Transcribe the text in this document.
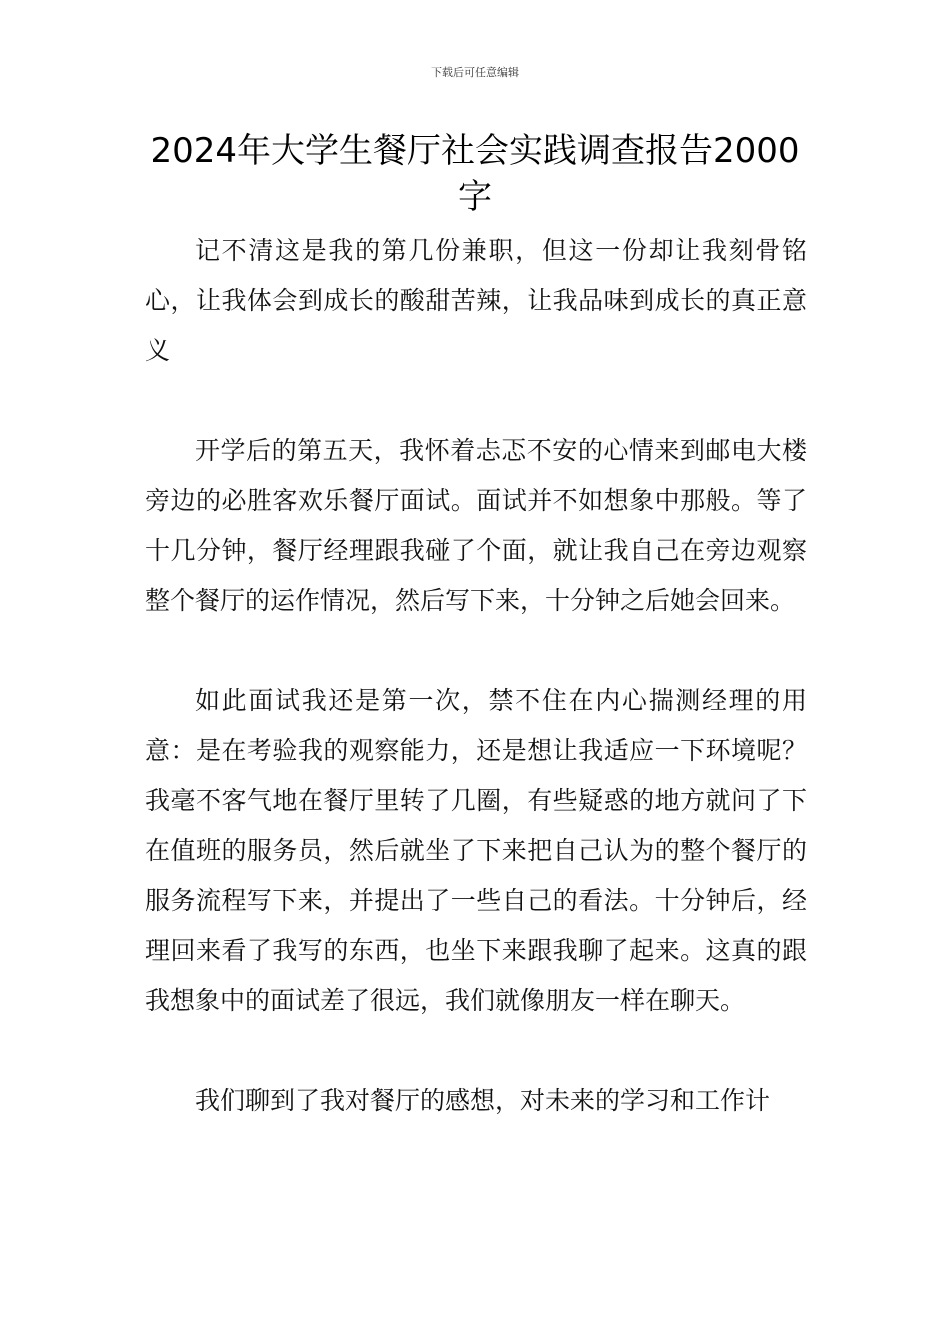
下载后可任意编辑
2024年大学生餐厅社会实践调查报告2000字

记不清这是我的第几份兼职，但这一份却让我刻骨铭心，让我体会到成长的酸甜苦辣，让我品味到成长的真正意义

开学后的第五天，我怀着忐忑不安的心情来到邮电大楼旁边的必胜客欢乐餐厅面试。面试并不如想象中那般。等了十几分钟，餐厅经理跟我碰了个面，就让我自己在旁边观察整个餐厅的运作情况，然后写下来，十分钟之后她会回来。

如此面试我还是第一次，禁不住在内心揣测经理的用意：是在考验我的观察能力，还是想让我适应一下环境呢？我毫不客气地在餐厅里转了几圈，有些疑惑的地方就问了下在值班的服务员，然后就坐了下来把自己认为的整个餐厅的服务流程写下来，并提出了一些自己的看法。十分钟后，经理回来看了我写的东西，也坐下来跟我聊了起来。这真的跟我想象中的面试差了很远，我们就像朋友一样在聊天。

我们聊到了我对餐厅的感想，对未来的学习和工作计
